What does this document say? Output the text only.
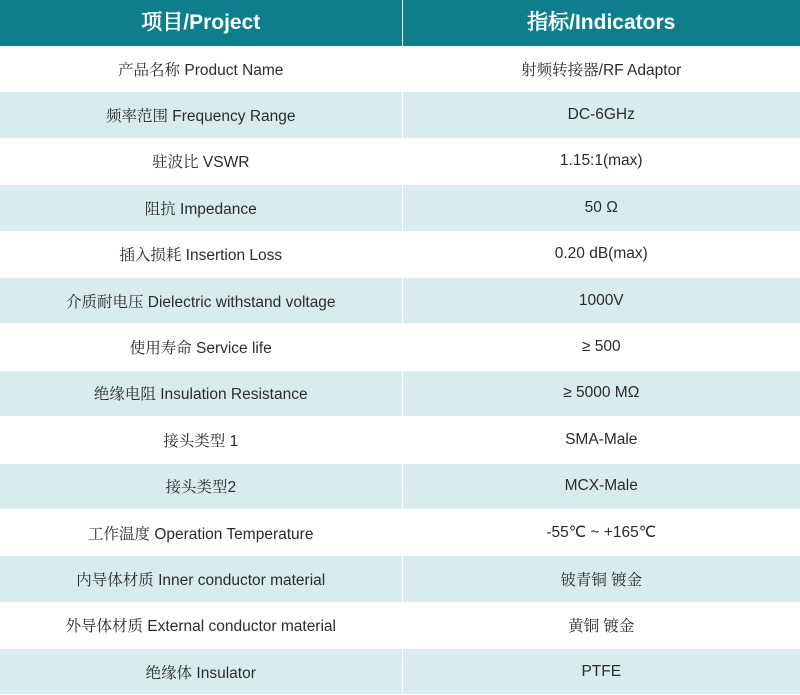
项目/Project	指标/Indicators
产品名称 Product Name	射频转接器/RF Adaptor
频率范围 Frequency Range	DC-6GHz
驻波比 VSWR	1.15:1(max)
阻抗 Impedance	50 Ω
插入损耗 Insertion Loss	0.20 dB(max)
介质耐电压 Dielectric withstand voltage	1000V
使用寿命 Service life	≥ 500
绝缘电阻 Insulation Resistance	≥ 5000 MΩ
接头类型 1	SMA-Male
接头类型2	MCX-Male
工作温度 Operation Temperature	-55℃ ~ +165℃
内导体材质 Inner conductor material	铍青铜 镀金
外导体材质 External conductor material	黄铜 镀金
绝缘体 Insulator	PTFE
